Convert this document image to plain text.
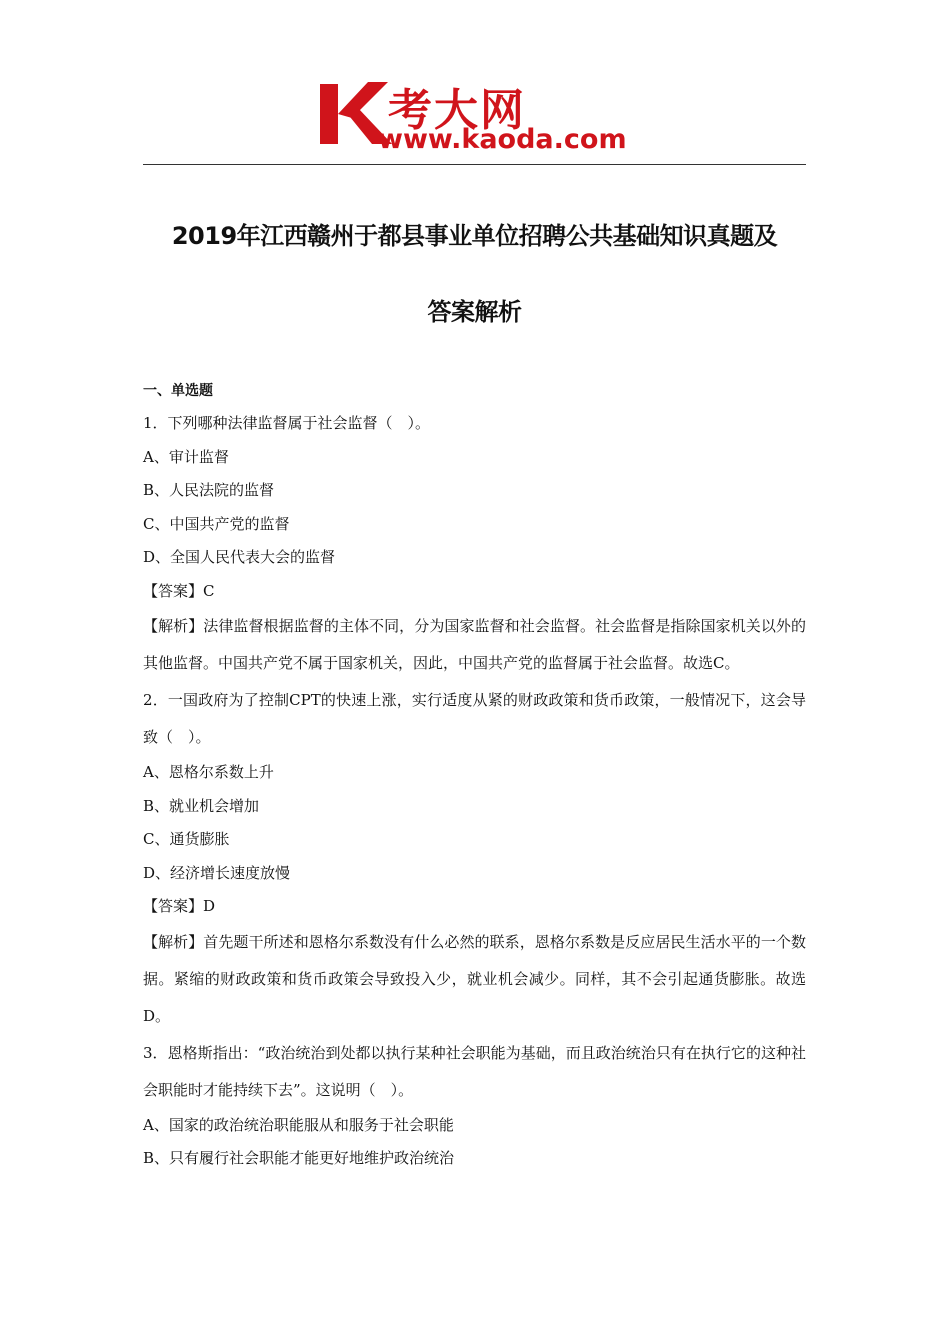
考大网
www.kaoda.com
2019年江西赣州于都县事业单位招聘公共基础知识真题及
答案解析
一、单选题
1．下列哪种法律监督属于社会监督（　）。
A、审计监督
B、人民法院的监督
C、中国共产党的监督
D、全国人民代表大会的监督
【答案】C
【解析】法律监督根据监督的主体不同，分为国家监督和社会监督。社会监督是指除国家机关以外的其他监督。中国共产党不属于国家机关，因此，中国共产党的监督属于社会监督。故选C。
2．一国政府为了控制CPT的快速上涨，实行适度从紧的财政政策和货币政策，一般情况下，这会导致（　）。
A、恩格尔系数上升
B、就业机会增加
C、通货膨胀
D、经济增长速度放慢
【答案】D
【解析】首先题干所述和恩格尔系数没有什么必然的联系，恩格尔系数是反应居民生活水平的一个数据。紧缩的财政政策和货币政策会导致投入少，就业机会减少。同样，其不会引起通货膨胀。故选D。
3．恩格斯指出：“政治统治到处都以执行某种社会职能为基础，而且政治统治只有在执行它的这种社会职能时才能持续下去”。这说明（　）。
A、国家的政治统治职能服从和服务于社会职能
B、只有履行社会职能才能更好地维护政治统治
